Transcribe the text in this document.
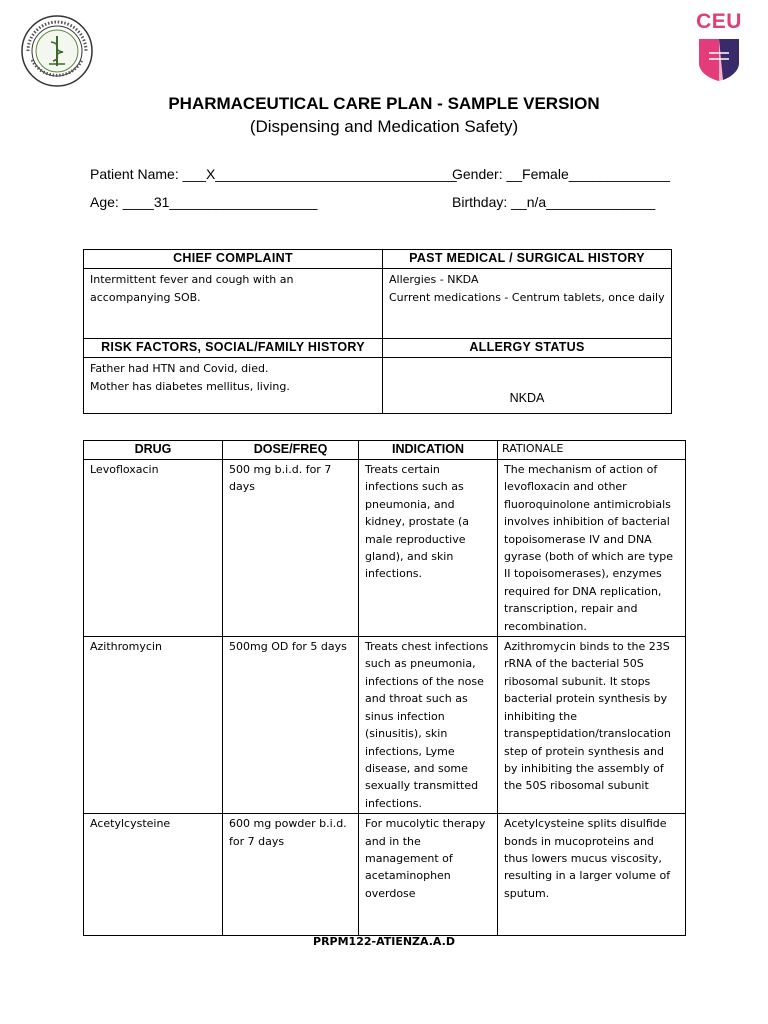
CEU
PHARMACEUTICAL CARE PLAN - SAMPLE VERSION
(Dispensing and Medication Safety)
Patient Name: ___X_______________________________
Gender: __Female_____________
Age: ____31___________________	Birthday: __n/a______________
CHIEF COMPLAINT	PAST MEDICAL / SURGICAL HISTORY
Intermittent fever and cough with an accompanying SOB.	Allergies - NKDA
Current medications - Centrum tablets, once daily

RISK FACTORS, SOCIAL/FAMILY HISTORY	ALLERGY STATUS

Father had HTN and Covid, died.
Mother has diabetes mellitus, living.	NKDA
DRUG	DOSE/FREQ	INDICATION	RATIONALE
Levofloxacin	500 mg b.i.d. for 7 days	Treats certain infections such as pneumonia, and kidney, prostate (a male reproductive gland), and skin infections.	The mechanism of action of levofloxacin and other fluoroquinolone antimicrobials involves inhibition of bacterial topoisomerase IV and DNA gyrase (both of which are type II topoisomerases), enzymes required for DNA replication, transcription, repair and recombination.
Azithromycin	500mg OD for 5 days	Treats chest infections such as pneumonia, infections of the nose and throat such as sinus infection (sinusitis), skin infections, Lyme disease, and some sexually transmitted infections.	Azithromycin binds to the 23S rRNA of the bacterial 50S ribosomal subunit. It stops bacterial protein synthesis by inhibiting the transpeptidation/translocation step of protein synthesis and by inhibiting the assembly of the 50S ribosomal subunit
Acetylcysteine	600 mg powder b.i.d. for 7 days	For mucolytic therapy and in the management of acetaminophen overdose	Acetylcysteine splits disulfide bonds in mucoproteins and thus lowers mucus viscosity, resulting in a larger volume of sputum.
PRPM122-ATIENZA.A.D
